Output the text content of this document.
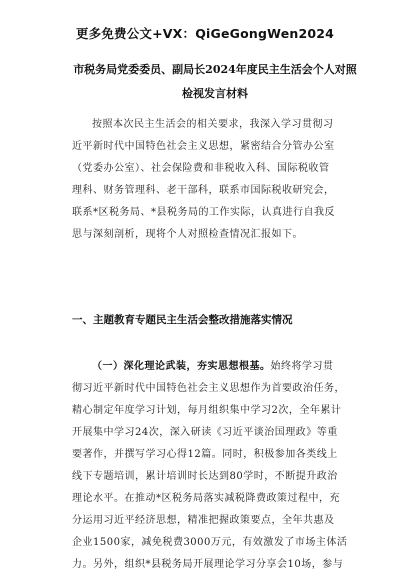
更多免费公文+VX：QiGeGongWen2024
市税务局党委委员、副局长2024年度民主生活会个人对照
检视发言材料
按照本次民主生活会的相关要求，我深入学习贯彻习
近平新时代中国特色社会主义思想，紧密结合分管办公室
（党委办公室）、社会保险费和非税收入科、国际税收管
理科、财务管理科、老干部科，联系市国际税收研究会，
联系*区税务局、*县税务局的工作实际，认真进行自我反
思与深刻剖析，现将个人对照检查情况汇报如下。
一、主题教育专题民主生活会整改措施落实情况
（一）深化理论武装，夯实思想根基。始终将学习贯
彻习近平新时代中国特色社会主义思想作为首要政治任务，
精心制定年度学习计划，每月组织集中学习2次，全年累计
开展集中学习24次，深入研读《习近平谈治国理政》等重
要著作，并撰写学习心得12篇。同时，积极参加各类线上
线下专题培训，累计培训时长达到80学时，不断提升政治
理论水平。在推动*区税务局落实减税降费政策过程中，充
分运用习近平经济思想，精准把握政策要点，全年共惠及
企业1500家，减免税费3000万元，有效激发了市场主体活
力。另外，组织*县税务局开展理论学习分享会10场，参与
